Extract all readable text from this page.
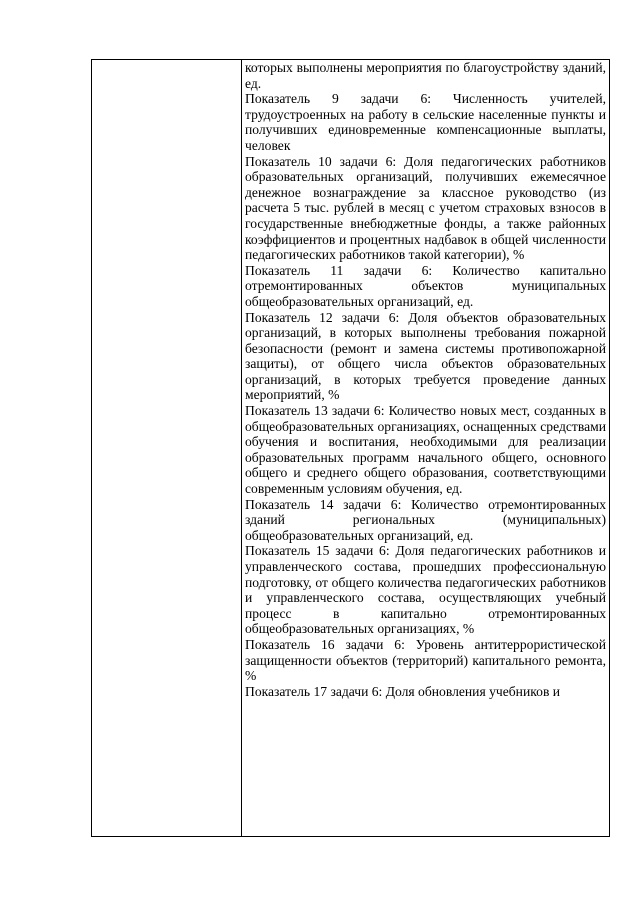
которых выполнены мероприятия по благоустройству зданий, ед.

Показатель 9 задачи 6: Численность учителей, трудоустроенных на работу в сельские населенные пункты и получивших единовременные компенсационные выплаты, человек

Показатель 10 задачи 6: Доля педагогических работников образовательных организаций, получивших ежемесячное денежное вознаграждение за классное руководство (из расчета 5 тыс. рублей в месяц с учетом страховых взносов в государственные внебюджетные фонды, а также районных коэффициентов и процентных надбавок в общей численности педагогических работников такой категории), %

Показатель 11 задачи 6: Количество капитально отремонтированных объектов муниципальных общеобразовательных организаций, ед.

Показатель 12 задачи 6: Доля объектов образовательных организаций, в которых выполнены требования пожарной безопасности (ремонт и замена системы противопожарной защиты), от общего числа объектов образовательных организаций, в которых требуется проведение данных мероприятий, %

Показатель 13 задачи 6: Количество новых мест, созданных в общеобразовательных организациях, оснащенных средствами обучения и воспитания, необходимыми для реализации образовательных программ начального общего, основного общего и среднего общего образования, соответствующими современным условиям обучения, ед.

Показатель 14 задачи 6: Количество отремонтированных зданий региональных (муниципальных) общеобразовательных организаций, ед.

Показатель 15 задачи 6: Доля педагогических работников и управленческого состава, прошедших профессиональную подготовку, от общего количества педагогических работников и управленческого состава, осуществляющих учебный процесс в капитально отремонтированных общеобразовательных организациях, %

Показатель 16 задачи 6: Уровень антитеррористической защищенности объектов (территорий) капитального ремонта, %

Показатель 17 задачи 6: Доля обновления учебников и
